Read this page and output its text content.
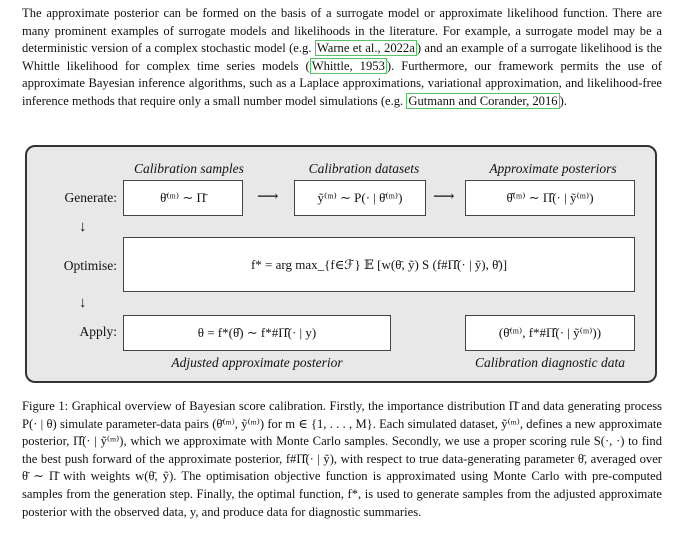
The approximate posterior can be formed on the basis of a surrogate model or approximate likelihood function. There are many prominent examples of surrogate models and likelihoods in the literature. For example, a surrogate model may be a deterministic version of a complex stochastic model (e.g. Warne et al., 2022a ) and an example of a surrogate likelihood is the Whittle likelihood for complex time series models ( Whittle, 1953 ). Furthermore, our framework permits the use of approximate Bayesian inference algorithms, such as a Laplace approximations, variational approximation, and likelihood-free inference methods that require only a small number model simulations (e.g. Gutmann and Corander, 2016 ).
Calibration samples	Calibration datasets	Approximate posteriors
Generate:	θ̄⁽ᵐ⁾ ∼ Π̄	⟶	ỹ⁽ᵐ⁾ ∼ P(· | θ̄⁽ᵐ⁾)	⟶	θ̂⁽ᵐ⁾ ∼ Π̂(· | ỹ⁽ᵐ⁾)
↓
Optimise:	f* = arg max_{f∈ℱ} 𝔼 [w(θ̄, ỹ) S (f#Π̂(· | ỹ), θ̄)]
↓
Apply:	θ = f*(θ̂) ∼ f*#Π̂(· | y)	(θ̄⁽ᵐ⁾, f*#Π̂(· | ỹ⁽ᵐ⁾))
Adjusted approximate posterior	Calibration diagnostic data
Figure 1: Graphical overview of Bayesian score calibration. Firstly, the importance distribution Π̄ and data generating process P(· | θ) simulate parameter-data pairs (θ̄⁽ᵐ⁾, ỹ⁽ᵐ⁾) for m ∈ {1, . . . , M}. Each simulated dataset, ỹ⁽ᵐ⁾, defines a new approximate posterior, Π̂(· | ỹ⁽ᵐ⁾), which we approximate with Monte Carlo samples. Secondly, we use a proper scoring rule S(·, ·) to find the best push forward of the approximate posterior, f#Π̂(· | ỹ), with respect to true data-generating parameter θ̄, averaged over θ̄ ∼ Π̄ with weights w(θ̄, ỹ). The optimisation objective function is approximated using Monte Carlo with pre-computed samples from the generation step. Finally, the optimal function, f*, is used to generate samples from the adjusted approximate posterior with the observed data, y, and produce data for diagnostic summaries.
